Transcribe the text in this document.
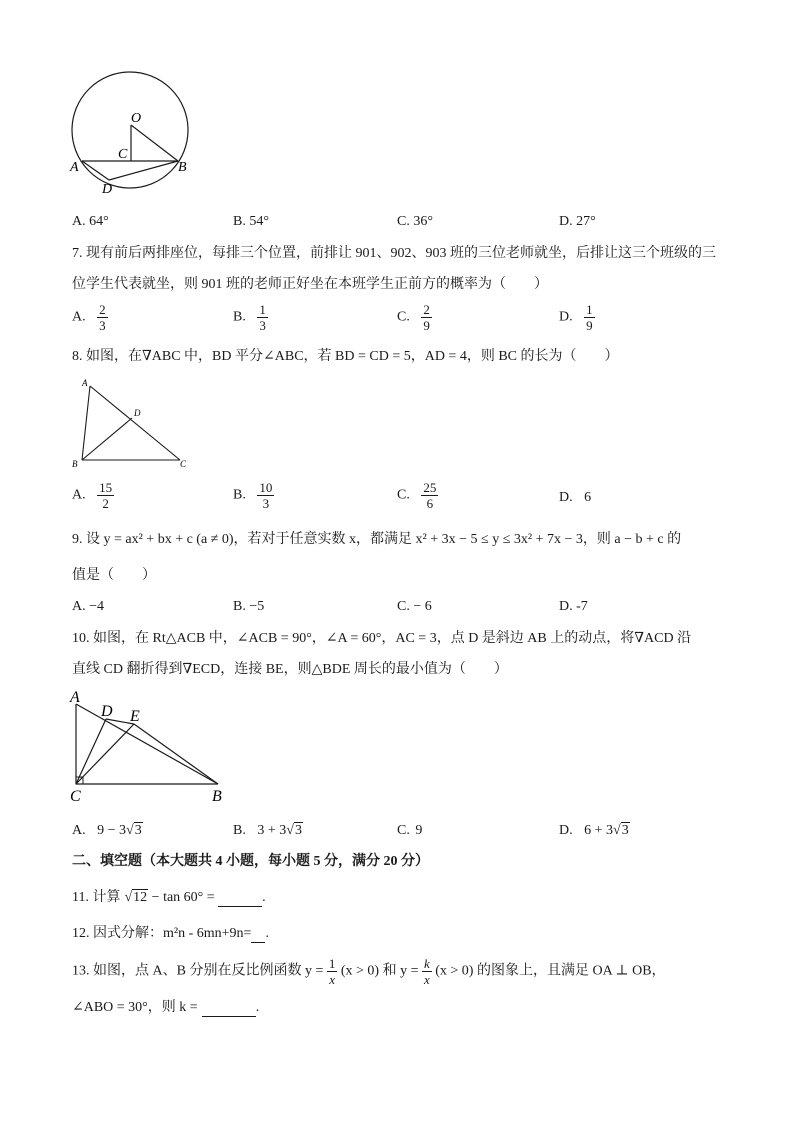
O
C
A	B
D
A. 64°	B. 54°	C. 36°	D. 27°
7. 现有前后两排座位，每排三个位置，前排让 901、902、903 班的三位老师就坐，后排让这三个班级的三
位学生代表就坐，则 901 班的老师正好坐在本班学生正前方的概率为（　　）
A. $\frac{2}{3}$	B. $\frac{1}{3}$	C. $\frac{2}{9}$	D. $\frac{1}{9}$
8. 如图，在∇ABC 中，BD 平分∠ABC，若 BD = CD = 5，AD = 4，则 BC 的长为（　　）
A
B	C
D
A. $\frac{15}{2}$	B. $\frac{10}{3}$	C. $\frac{25}{6}$	D. 6
9. 设 y = ax² + bx + c (a ≠ 0)，若对于任意实数 x，都满足 x² + 3x − 5 ≤ y ≤ 3x² + 7x − 3，则 a − b + c 的
值是（　　）
A. −4	B. −5	C. − 6	D. -7
10. 如图，在 Rt△ACB 中，∠ACB = 90°，∠A = 60°，AC = 3，点 D 是斜边 AB 上的动点，将∇ACD 沿
直线 CD 翻折得到∇ECD，连接 BE，则△BDE 周长的最小值为（　　）
A
D E
C	B
A. 9 − 3√3	B. 3 + 3√3	C. 9	D. 6 + 3√3
二、填空题（本大题共 4 小题，每小题 5 分，满分 20 分）
11. 计算 √12 − tan 60° =	.
12. 因式分解：m²n - 6mn+9n= .
13. 如图，点 A、B 分别在反比例函数 $y = \frac{1}{x} (x > 0)$ 和 $y = \frac{k}{x} (x > 0)$ 的图象上，且满足 OA ⊥ OB，
∠ABO = 30°，则 k =	.
